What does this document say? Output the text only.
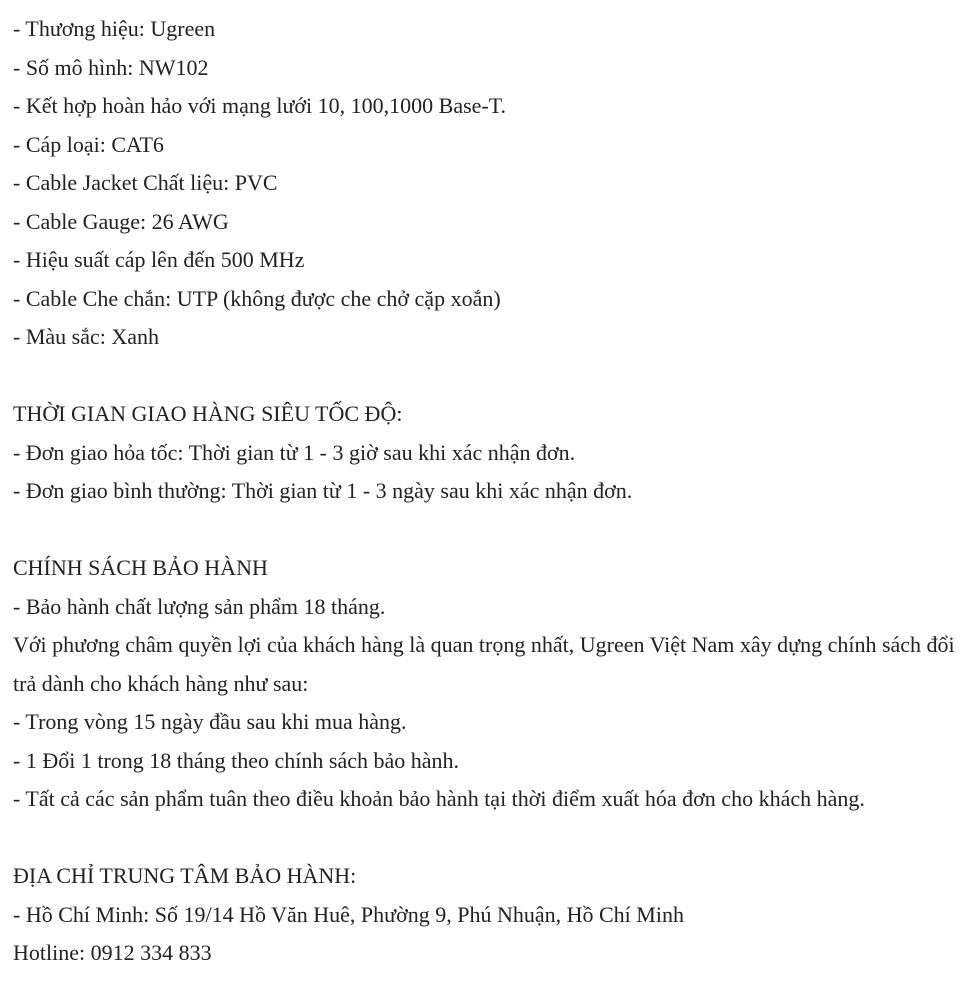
- Thương hiệu: Ugreen
- Số mô hình: NW102
- Kết hợp hoàn hảo với mạng lưới 10, 100,1000 Base-T.
- Cáp loại: CAT6
- Cable Jacket Chất liệu: PVC
- Cable Gauge: 26 AWG
- Hiệu suất cáp lên đến 500 MHz
- Cable Che chắn: UTP (không được che chở cặp xoắn)
- Màu sắc: Xanh
THỜI GIAN GIAO HÀNG SIÊU TỐC ĐỘ:
- Đơn giao hỏa tốc: Thời gian từ 1 - 3 giờ sau khi xác nhận đơn.
- Đơn giao bình thường: Thời gian từ 1 - 3 ngày sau khi xác nhận đơn.
CHÍNH SÁCH BẢO HÀNH
- Bảo hành chất lượng sản phẩm 18 tháng.
Với phương châm quyền lợi của khách hàng là quan trọng nhất, Ugreen Việt Nam xây dựng chính sách đổi trả dành cho khách hàng như sau:
- Trong vòng 15 ngày đầu sau khi mua hàng.
- 1 Đổi 1 trong 18 tháng theo chính sách bảo hành.
- Tất cả các sản phẩm tuân theo điều khoản bảo hành tại thời điểm xuất hóa đơn cho khách hàng.
ĐỊA CHỈ TRUNG TÂM BẢO HÀNH:
- Hồ Chí Minh: Số 19/14 Hồ Văn Huê, Phường 9, Phú Nhuận, Hồ Chí Minh
Hotline: 0912 334 833
